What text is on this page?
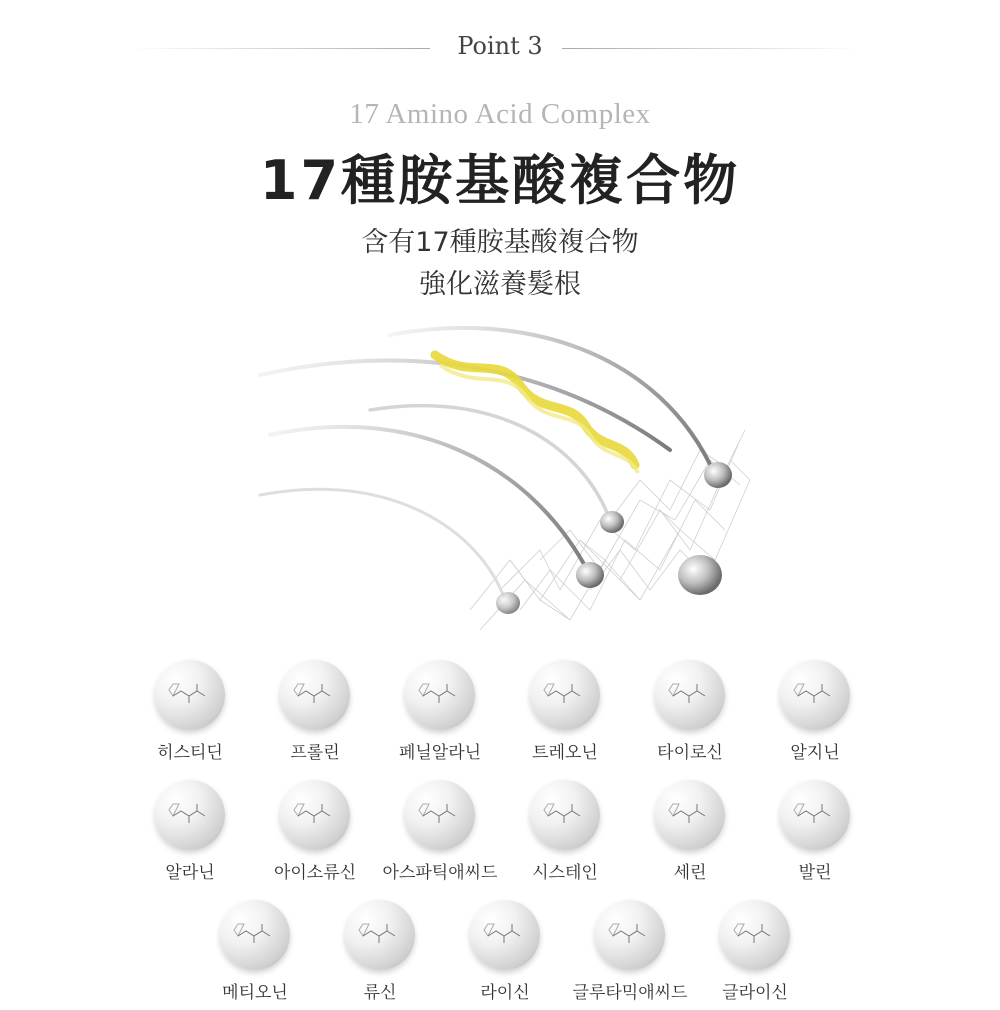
Point 3
17 Amino Acid Complex
17種胺基酸複合物
含有17種胺基酸複合物
強化滋養髮根
히스티딘	프롤린	페닐알라닌	트레오닌	타이로신	알지닌
알라닌	아이소류신	아스파틱애씨드	시스테인	세린	발린
메티오닌	류신	라이신	글루타믹애씨드	글라이신
